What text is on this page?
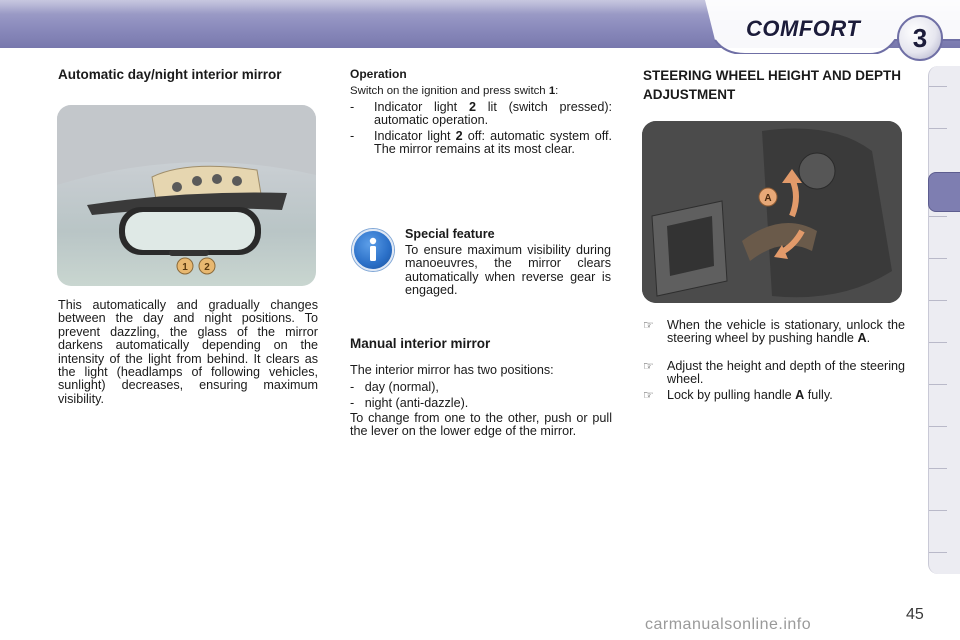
COMFORT	3
Automatic day/night interior mirror
1 2
This automatically and gradually changes between the day and night positions. To prevent dazzling, the glass of the mirror darkens automatically depending on the intensity of the light from behind. It clears as the light (headlamps of following vehicles, sunlight) decreases, ensuring maximum visibility.
Operation
Switch on the ignition and press switch 1:
- Indicator light 2 lit (switch pressed): automatic operation.
- Indicator light 2 off: automatic system off. The mirror remains at its most clear.
Special feature
To ensure maximum visibility during manoeuvres, the mirror clears automatically when reverse gear is engaged.
Manual interior mirror
The interior mirror has two positions:
- day (normal),
- night (anti-dazzle).
To change from one to the other, push or pull the lever on the lower edge of the mirror.
STEERING WHEEL HEIGHT AND DEPTH ADJUSTMENT
A
☞ When the vehicle is stationary, unlock the steering wheel by pushing handle A.
☞ Adjust the height and depth of the steering wheel.
☞ Lock by pulling handle A fully.
45
carmanualsonline.info
